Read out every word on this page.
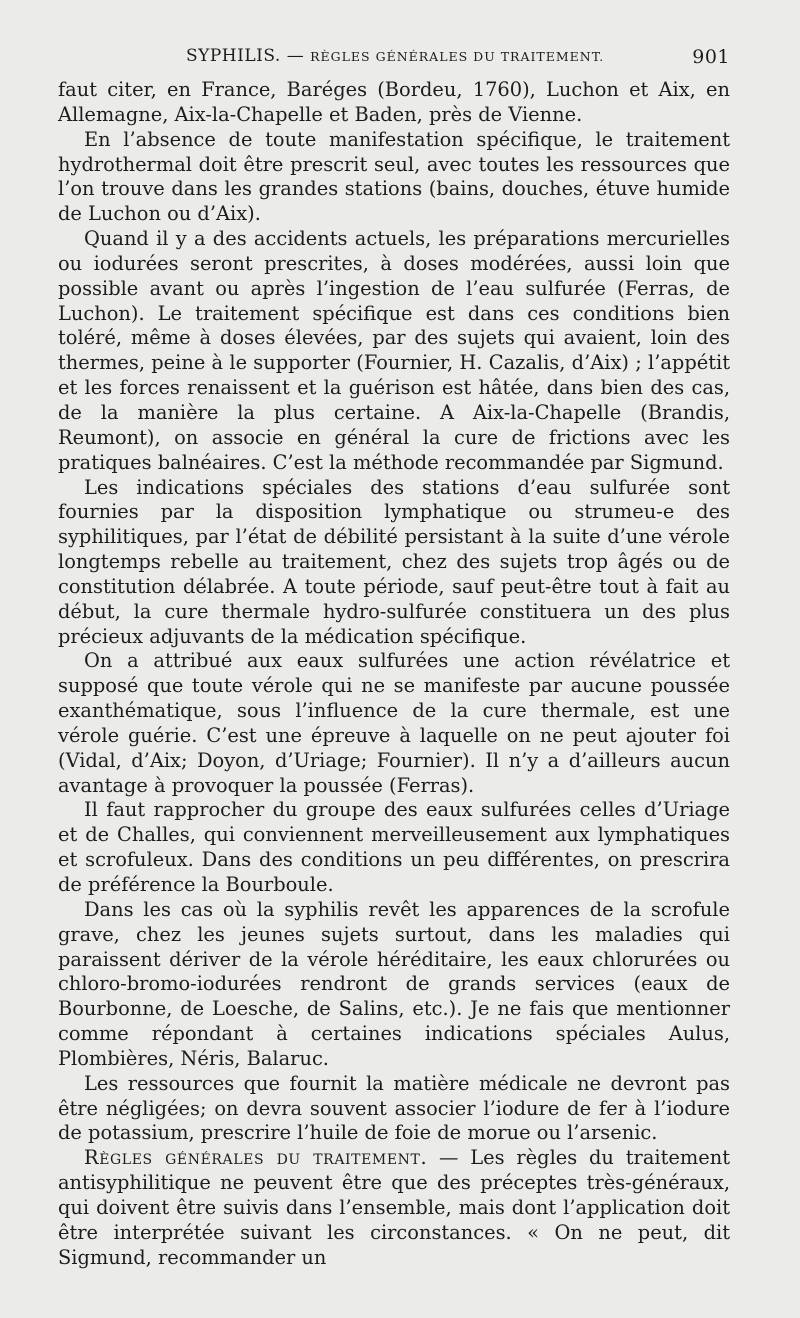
SYPHILIS. — RÈGLES GÉNÉRALES DU TRAITEMENT.	901

faut citer, en France, Baréges (Bordeu, 1760), Luchon et Aix, en Allemagne, Aix-la-Chapelle et Baden, près de Vienne.

En l’absence de toute manifestation spécifique, le traitement hydrothermal doit être prescrit seul, avec toutes les ressources que l’on trouve dans les grandes stations (bains, douches, étuve humide de Luchon ou d’Aix).

Quand il y a des accidents actuels, les préparations mercurielles ou iodurées seront prescrites, à doses modérées, aussi loin que possible avant ou après l’ingestion de l’eau sulfurée (Ferras, de Luchon). Le traitement spécifique est dans ces conditions bien toléré, même à doses élevées, par des sujets qui avaient, loin des thermes, peine à le supporter (Fournier, H. Cazalis, d’Aix) ; l’appétit et les forces renaissent et la guérison est hâtée, dans bien des cas, de la manière la plus certaine. A Aix-la-Chapelle (Brandis, Reumont), on associe en général la cure de frictions avec les pratiques balnéaires. C’est la méthode recommandée par Sigmund.

Les indications spéciales des stations d’eau sulfurée sont fournies par la disposition lymphatique ou strumeu-e des syphilitiques, par l’état de débilité persistant à la suite d’une vérole longtemps rebelle au traitement, chez des sujets trop âgés ou de constitution délabrée. A toute période, sauf peut-être tout à fait au début, la cure thermale hydro-sulfurée constituera un des plus précieux adjuvants de la médication spécifique.

On a attribué aux eaux sulfurées une action révélatrice et supposé que toute vérole qui ne se manifeste par aucune poussée exanthématique, sous l’influence de la cure thermale, est une vérole guérie. C’est une épreuve à laquelle on ne peut ajouter foi (Vidal, d’Aix; Doyon, d’Uriage; Fournier). Il n’y a d’ailleurs aucun avantage à provoquer la poussée (Ferras).

Il faut rapprocher du groupe des eaux sulfurées celles d’Uriage et de Challes, qui conviennent merveilleusement aux lymphatiques et scrofuleux. Dans des conditions un peu différentes, on prescrira de préférence la Bourboule.

Dans les cas où la syphilis revêt les apparences de la scrofule grave, chez les jeunes sujets surtout, dans les maladies qui paraissent dériver de la vérole héréditaire, les eaux chlorurées ou chloro-bromo-iodurées rendront de grands services (eaux de Bourbonne, de Loesche, de Salins, etc.). Je ne fais que mentionner comme répondant à certaines indications spéciales Aulus, Plombières, Néris, Balaruc.

Les ressources que fournit la matière médicale ne devront pas être négligées; on devra souvent associer l’iodure de fer à l’iodure de potassium, prescrire l’huile de foie de morue ou l’arsenic.

Règles générales du traitement. — Les règles du traitement antisyphilitique ne peuvent être que des préceptes très-généraux, qui doivent être suivis dans l’ensemble, mais dont l’application doit être interprétée suivant les circonstances. « On ne peut, dit Sigmund, recommander un
